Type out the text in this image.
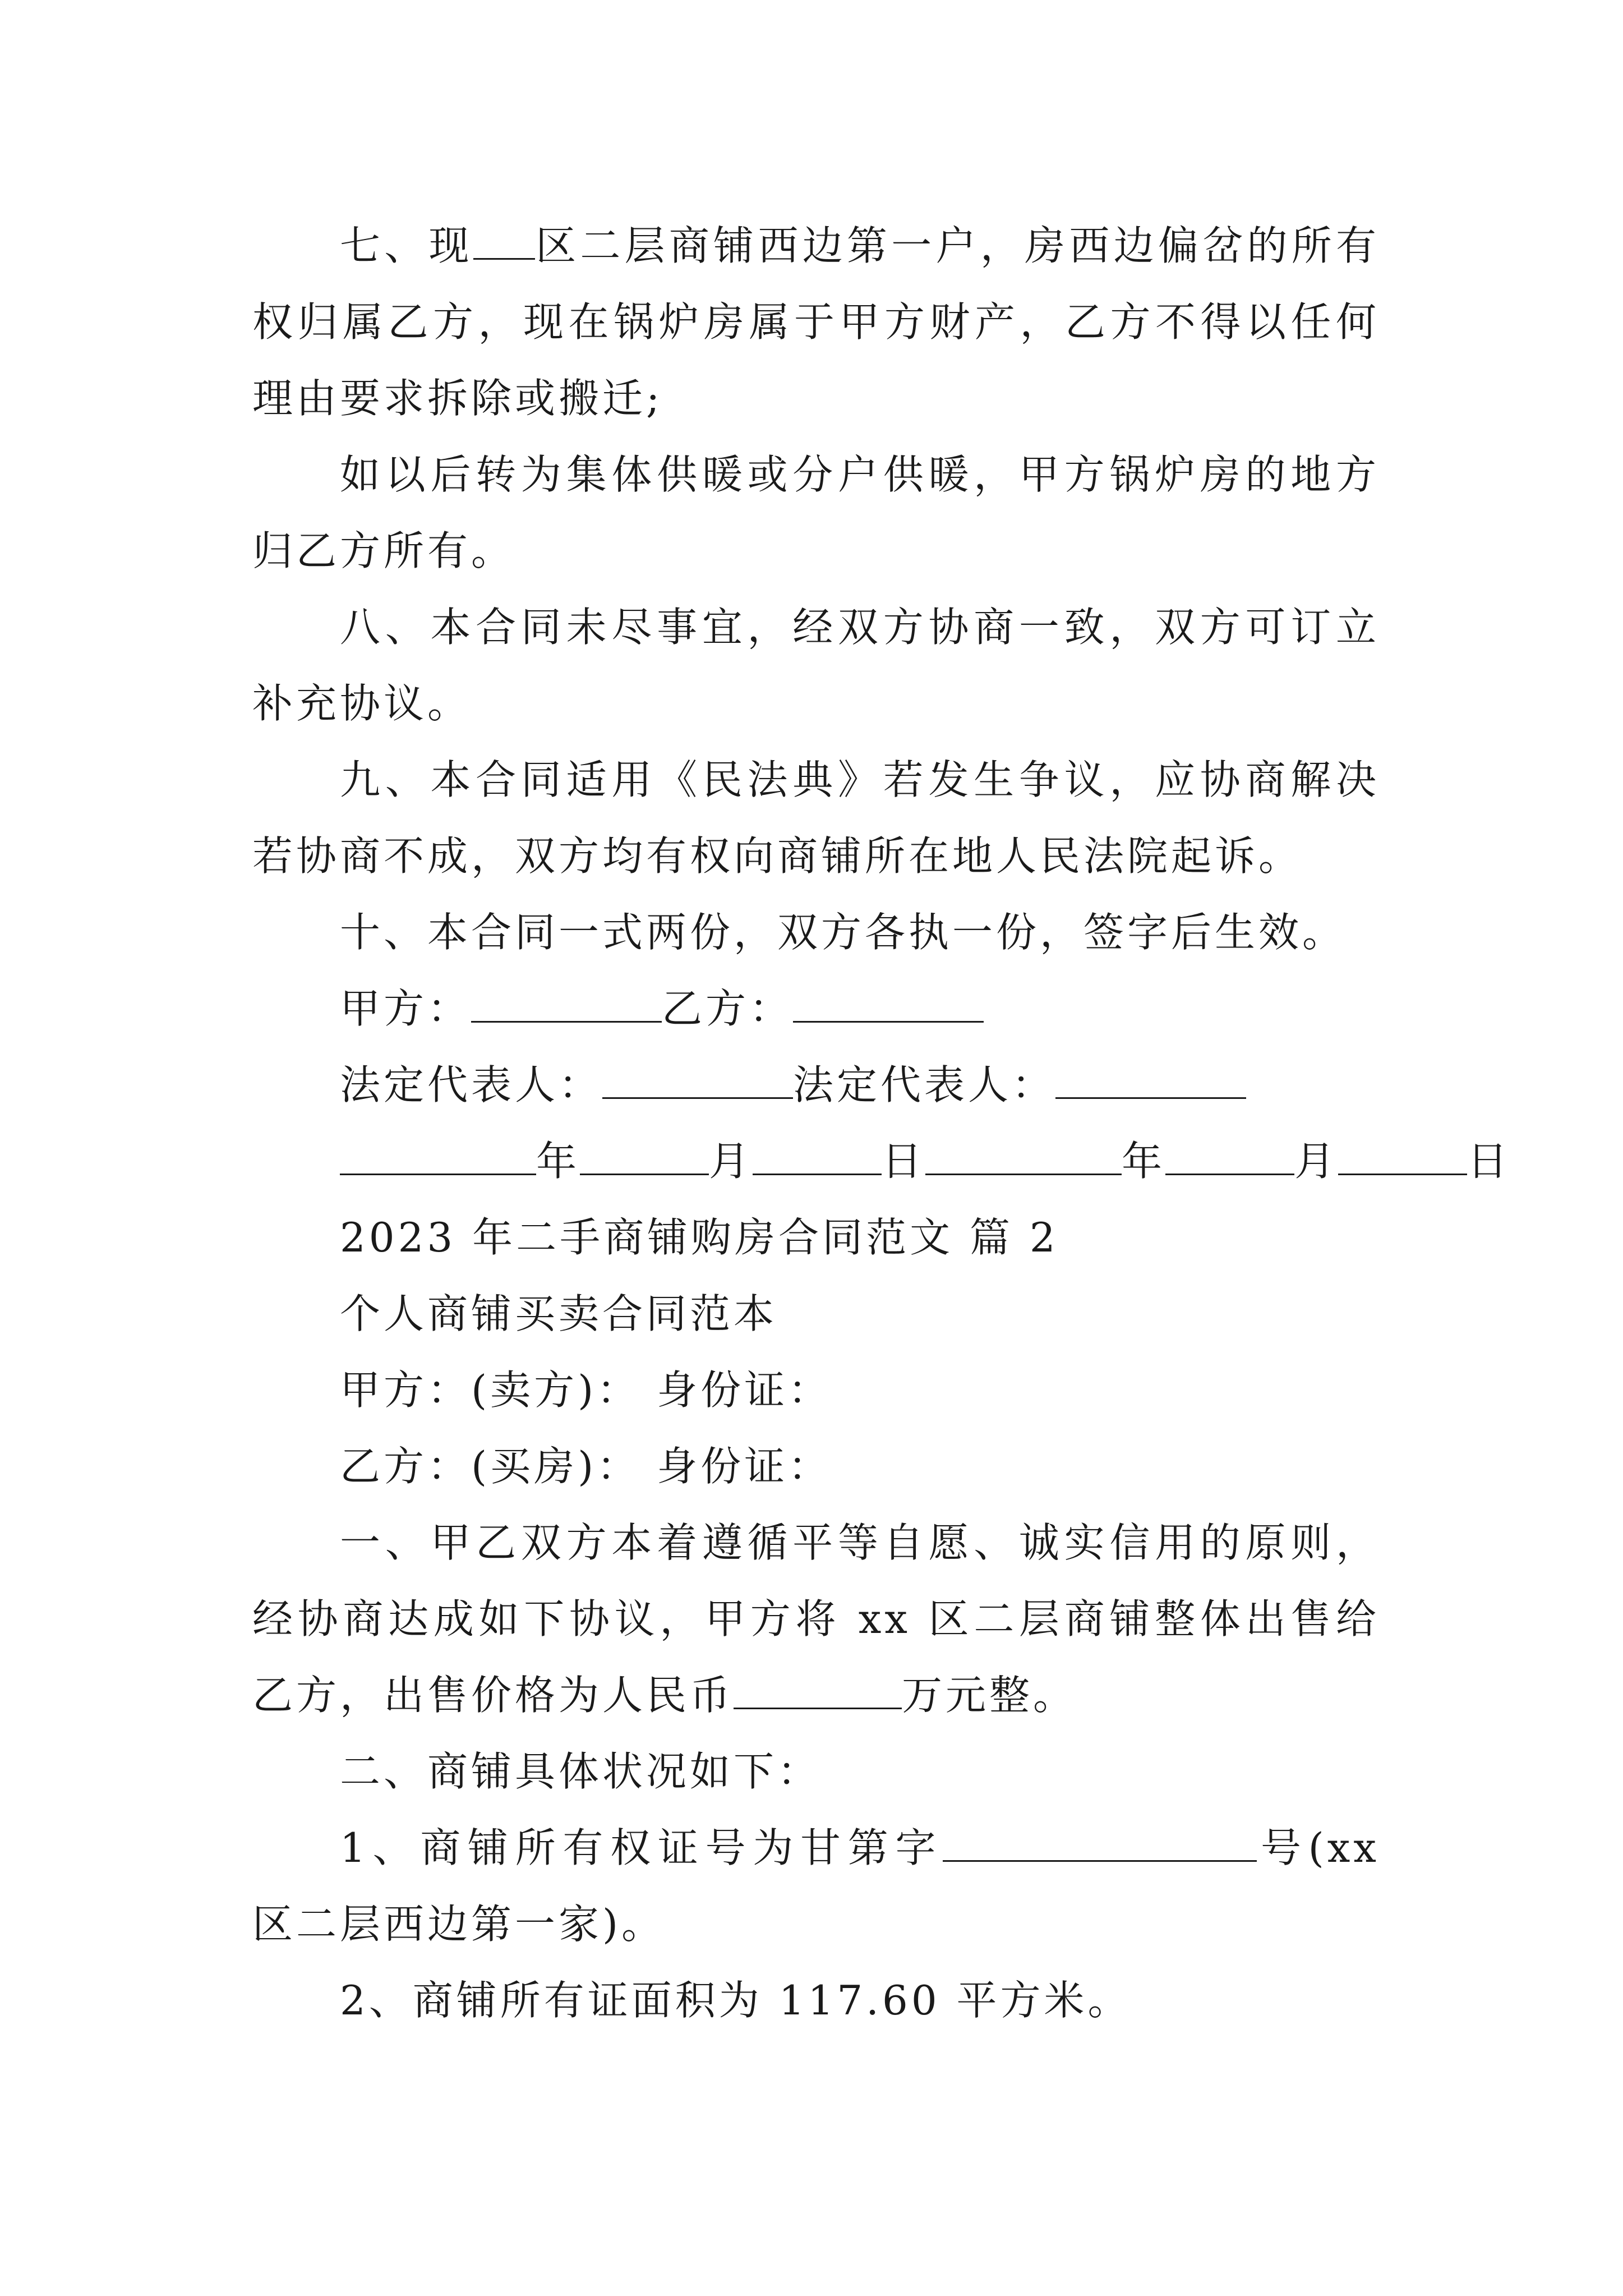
七、现 区二层商铺西边第一户，房西边偏岔的所有权归属乙方，现在锅炉房属于甲方财产，乙方不得以任何理由要求拆除或搬迁;

如以后转为集体供暖或分户供暖，甲方锅炉房的地方归乙方所有。

八、本合同未尽事宜，经双方协商一致，双方可订立补充协议。

九、本合同适用《民法典》若发生争议，应协商解决若协商不成，双方均有权向商铺所在地人民法院起诉。

十、本合同一式两份，双方各执一份，签字后生效。

甲方：	乙方：
法定代表人：	法定代表人：
年	月	日	年	月	日
2023 年二手商铺购房合同范文 篇 2
个人商铺买卖合同范本
甲方：(卖方)： 身份证：
乙方：(买房)： 身份证：

一、甲乙双方本着遵循平等自愿、诚实信用的原则，经协商达成如下协议，甲方将 xx 区二层商铺整体出售给乙方，出售价格为人民币	万元整。

二、商铺具体状况如下：

1、商铺所有权证号为甘第字	号(xx 区二层西边第一家)。

2、商铺所有证面积为 117.60 平方米。
